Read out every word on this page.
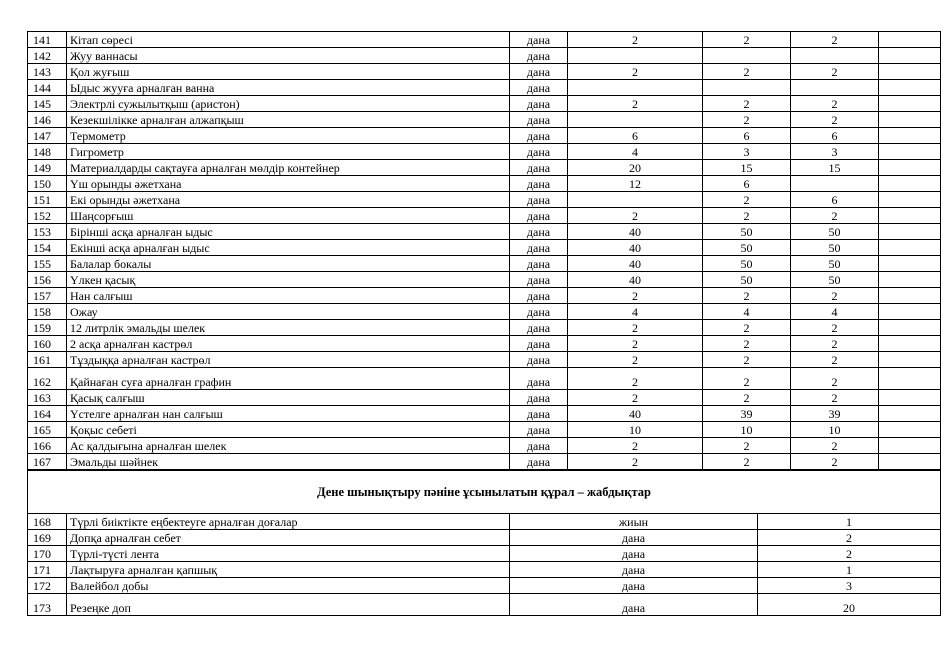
141	Кітап сөресі	дана	2	2	2	
142	Жуу ваннасы	дана				
143	Қол жуғыш	дана	2	2	2	
144	Ыдыс жууға арналған ванна	дана				
145	Электрлі сужылытқыш (аристон)	дана	2	2	2	
146	Кезекшілікке арналған алжапқыш	дана		2	2	
147	Термометр	дана	6	6	6	
148	Гигрометр	дана	4	3	3	
149	Материалдарды сақтауға арналған мөлдір контейнер	дана	20	15	15	
150	Үш орынды әжетхана	дана	12	6		
151	Екі орынды әжетхана	дана		2	6	
152	Шаңсорғыш	дана	2	2	2	
153	Бірінші асқа арналған ыдыс	дана	40	50	50	
154	Екінші асқа арналған ыдыс	дана	40	50	50	
155	Балалар бокалы	дана	40	50	50	
156	Үлкен қасық	дана	40	50	50	
157	Нан салғыш	дана	2	2	2	
158	Ожау	дана	4	4	4	
159	12 литрлік эмальды шелек	дана	2	2	2	
160	2 асқа арналған кастрөл	дана	2	2	2	
161	Тұздыққа арналған кастрөл	дана	2	2	2	
162	Қайнаған суға арналған графин	дана	2	2	2	
163	Қасық салғыш	дана	2	2	2	
164	Үстелге арналған нан салғыш	дана	40	39	39	
165	Қоқыс себеті	дана	10	10	10	
166	Ас қалдығына арналған шелек	дана	2	2	2	
167	Эмальды шәйнек	дана	2	2	2	
Дене шынықтыру пәніне ұсынылатын құрал – жабдықтар			
168	Түрлі биіктікте еңбектеуге арналған доғалар	жиын	1
169	Допқа арналған себет	дана	2
170	Түрлі-түсті лента	дана	2
171	Лақтыруға арналған қапшық	дана	1
172	Валейбол добы	дана	3
173	Резеңке доп	дана	20
